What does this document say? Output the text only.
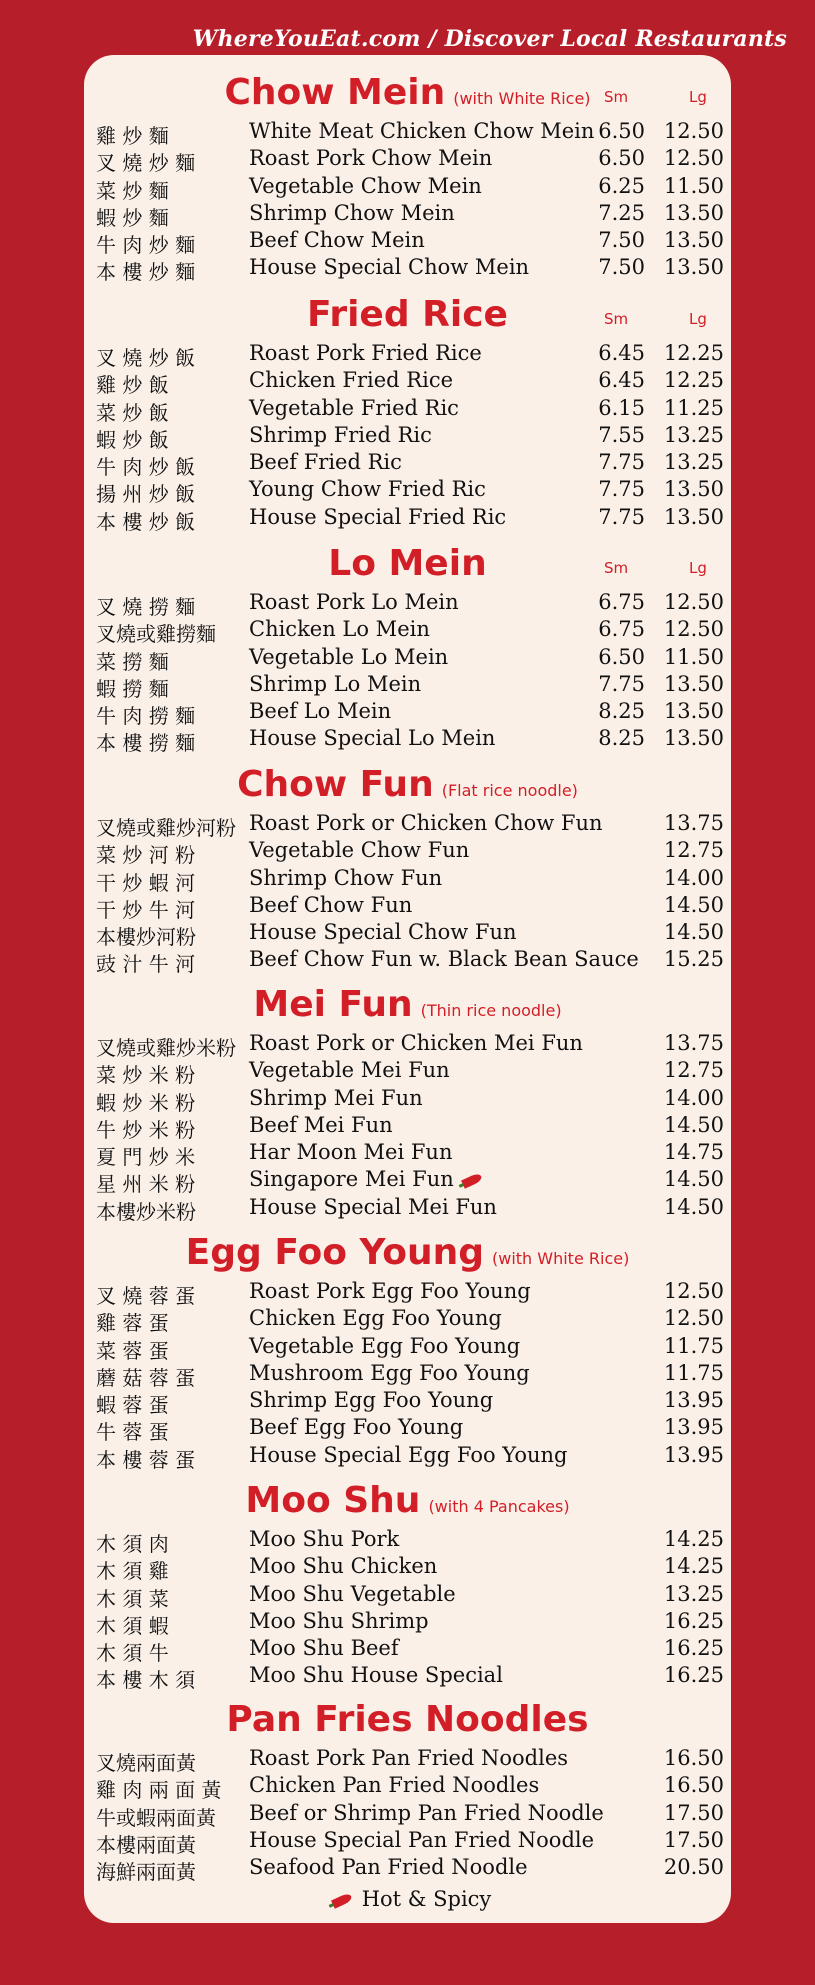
WhereYouEat.com / Discover Local Restaurants
Chow Mein (with White Rice) Sm	Lg
雞 炒 麵	White Meat Chicken Chow Mein 6.50 12.50
叉 燒 炒 麵	Roast Pork Chow Mein	6.50 12.50
菜 炒 麵	Vegetable Chow Mein	6.25 11.50
蝦 炒 麵	Shrimp Chow Mein	7.25 13.50
牛 肉 炒 麵	Beef Chow Mein	7.50 13.50
本 樓 炒 麵	House Special Chow Mein	7.50 13.50
Fried Rice	Sm	Lg
叉 燒 炒 飯	Roast Pork Fried Rice	6.45 12.25
雞 炒 飯	Chicken Fried Rice	6.45 12.25
菜 炒 飯	Vegetable Fried Ric	6.15 11.25
蝦 炒 飯	Shrimp Fried Ric	7.55 13.25
牛 肉 炒 飯	Beef Fried Ric	7.75 13.25
揚 州 炒 飯	Young Chow Fried Ric	7.75 13.50
本 樓 炒 飯	House Special Fried Ric	7.75 13.50
Lo Mein	Sm	Lg
叉 燒 撈 麵	Roast Pork Lo Mein	6.75 12.50
叉燒或雞撈麵	Chicken Lo Mein	6.75 12.50
菜 撈 麵	Vegetable Lo Mein	6.50 11.50
蝦 撈 麵	Shrimp Lo Mein	7.75 13.50
牛 肉 撈 麵	Beef Lo Mein	8.25 13.50
本 樓 撈 麵	House Special Lo Mein	8.25 13.50
Chow Fun (Flat rice noodle)
叉燒或雞炒河粉 Roast Pork or Chicken Chow Fun	13.75
菜 炒 河 粉	Vegetable Chow Fun	12.75
干 炒 蝦 河	Shrimp Chow Fun	14.00
干 炒 牛 河	Beef Chow Fun	14.50
本樓炒河粉	House Special Chow Fun	14.50
豉 汁 牛 河	Beef Chow Fun w. Black Bean Sauce	15.25
Mei Fun (Thin rice noodle)
叉燒或雞炒米粉 Roast Pork or Chicken Mei Fun	13.75
菜 炒 米 粉	Vegetable Mei Fun	12.75
蝦 炒 米 粉	Shrimp Mei Fun	14.00
牛 炒 米 粉	Beef Mei Fun	14.50
夏 門 炒 米	Har Moon Mei Fun	14.75
星 州 米 粉	Singapore Mei Fun	14.50
本樓炒米粉	House Special Mei Fun	14.50
Egg Foo Young (with White Rice)
叉 燒 蓉 蛋	Roast Pork Egg Foo Young	12.50
雞 蓉 蛋	Chicken Egg Foo Young	12.50
菜 蓉 蛋	Vegetable Egg Foo Young	11.75
蘑 菇 蓉 蛋	Mushroom Egg Foo Young	11.75
蝦 蓉 蛋	Shrimp Egg Foo Young	13.95
牛 蓉 蛋	Beef Egg Foo Young	13.95
本 樓 蓉 蛋	House Special Egg Foo Young	13.95
Moo Shu (with 4 Pancakes)
木 須 肉	Moo Shu Pork	14.25
木 須 雞	Moo Shu Chicken	14.25
木 須 菜	Moo Shu Vegetable	13.25
木 須 蝦	Moo Shu Shrimp	16.25
木 須 牛	Moo Shu Beef	16.25
本 樓 木 須	Moo Shu House Special	16.25
Pan Fries Noodles
叉燒兩面黃	Roast Pork Pan Fried Noodles	16.50
雞 肉 兩 面 黃	Chicken Pan Fried Noodles	16.50
牛或蝦兩面黃	Beef or Shrimp Pan Fried Noodle	17.50
本樓兩面黃	House Special Pan Fried Noodle	17.50
海鮮兩面黃	Seafood Pan Fried Noodle	20.50
Hot & Spicy
